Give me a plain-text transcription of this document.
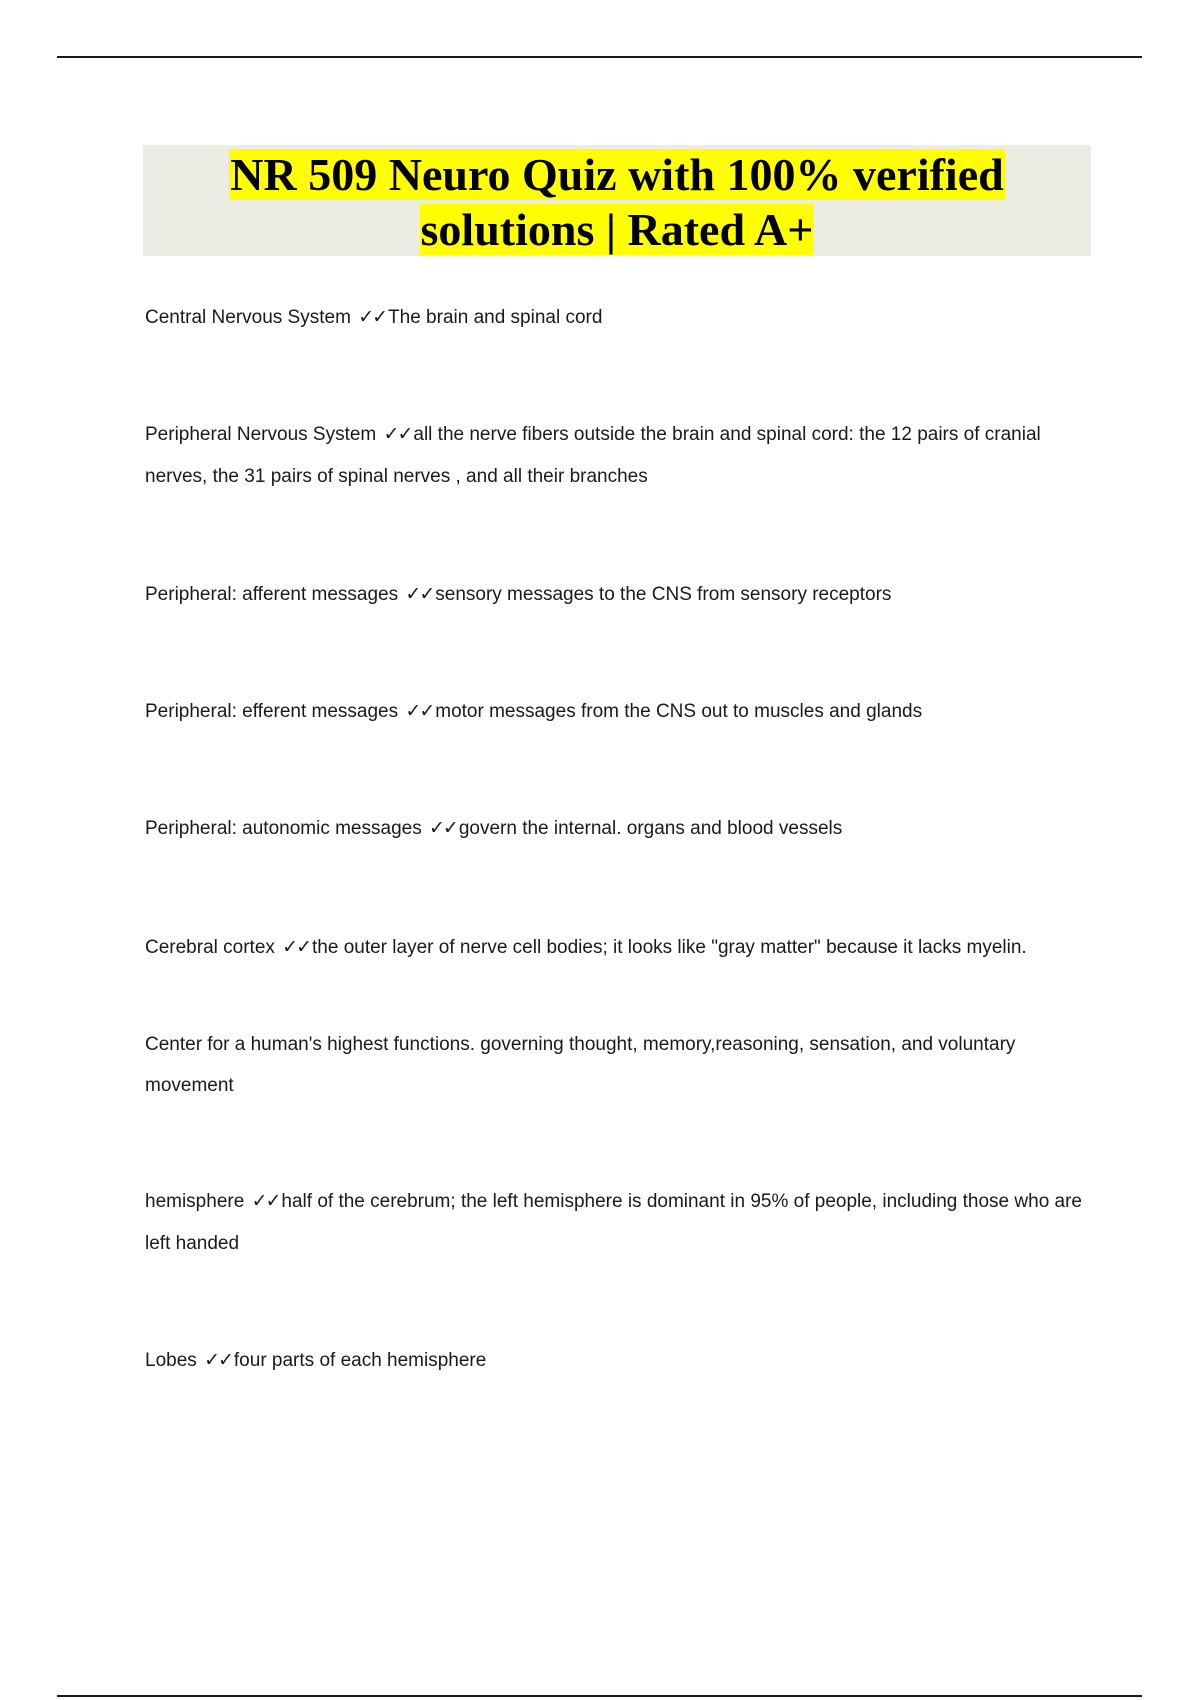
NR 509 Neuro Quiz with 100% verified
solutions | Rated A+
Central Nervous System ✓✓ The brain and spinal cord
Peripheral Nervous System ✓✓ all the nerve fibers outside the brain and spinal cord: the 12 pairs of cranial nerves, the 31 pairs of spinal nerves , and all their branches
Peripheral: afferent messages ✓✓ sensory messages to the CNS from sensory receptors
Peripheral: efferent messages ✓✓ motor messages from the CNS out to muscles and glands
Peripheral: autonomic messages ✓✓ govern the internal. organs and blood vessels
Cerebral cortex ✓✓ the outer layer of nerve cell bodies; it looks like "gray matter" because it lacks myelin.
Center for a human's highest functions. governing thought, memory,reasoning, sensation, and voluntary movement
hemisphere ✓✓ half of the cerebrum; the left hemisphere is dominant in 95% of people, including those who are left handed
Lobes ✓✓ four parts of each hemisphere
